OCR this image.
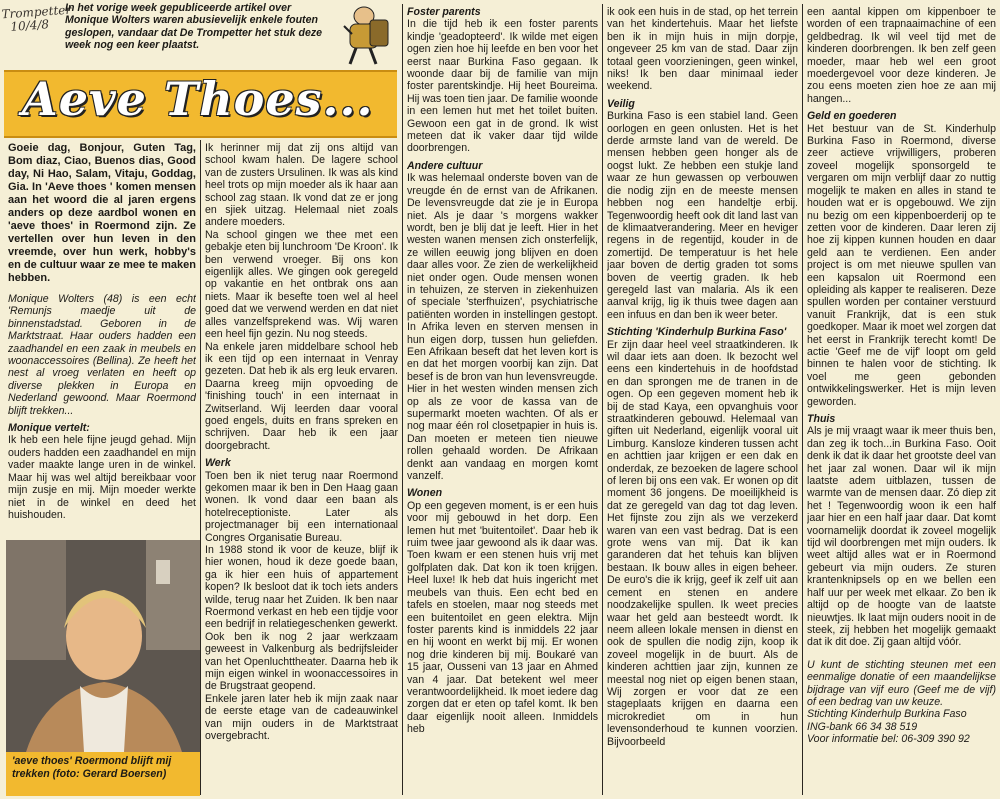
Trompetter
10/4/8
In het vorige week gepubliceerde artikel over Monique Wolters waren abusievelijk enkele fouten geslopen, vandaar dat De Trompetter het stuk deze week nog een keer plaatst.
Aeve Thoes...

Goeie dag, Bonjour, Guten Tag, Bom diaz, Ciao, Buenos dias, Good day, Ni Hao, Salam, Vitaju, Goddag, Gia. In 'Aeve thoes ' komen mensen aan het woord die al jaren ergens anders op deze aardbol wonen en 'aeve thoes' in Roermond zijn. Ze vertellen over hun leven in den vreemde, over hun werk, hobby's en de cultuur waar ze mee te maken hebben.

Monique Wolters (48) is een echt 'Remunjs maedje uit de binnenstadstad. Geboren in de Marktstraat. Haar ouders hadden een zaadhandel en een zaak in meubels en woonaccessoires (Bellina). Ze heeft het nest al vroeg verlaten en heeft op diverse plekken in Europa en Nederland gewoond. Maar Roermond blijft trekken...

Monique vertelt:

Ik heb een hele fijne jeugd gehad. Mijn ouders hadden een zaadhandel en mijn vader maakte lange uren in de winkel. Maar hij was wel altijd bereikbaar voor mijn zusje en mij. Mijn moeder werkte niet in de winkel en deed het huishouden.

'aeve thoes' Roermond blijft mij trekken (foto: Gerard Boersen)

Ik herinner mij dat zij ons altijd van school kwam halen. De lagere school van de zusters Ursulinen. Ik was als kind heel trots op mijn moeder als ik haar aan school zag staan. Ik vond dat ze er jong en sjiek uitzag. Helemaal niet zoals andere moeders.

Na school gingen we thee met een gebakje eten bij lunchroom 'De Kroon'. Ik ben verwend vroeger. Bij ons kon eigenlijk alles. We gingen ook geregeld op vakantie en het ontbrak ons aan niets. Maar ik besefte toen wel al heel goed dat we verwend werden en dat niet alles vanzelfsprekend was. Wij waren een heel fijn gezin. Nu nog steeds.

Na enkele jaren middelbare school heb ik een tijd op een internaat in Venray gezeten. Dat heb ik als erg leuk ervaren. Daarna kreeg mijn opvoeding de 'finishing touch' in een internaat in Zwitserland. Wij leerden daar vooral goed engels, duits en frans spreken en schrijven. Daar heb ik een jaar doorgebracht.

Werk

Toen ben ik niet terug naar Roermond gekomen maar ik ben in Den Haag gaan wonen. Ik vond daar een baan als hotelreceptioniste. Later als projectmanager bij een internationaal Congres Organisatie Bureau.

In 1988 stond ik voor de keuze, blijf ik hier wonen, houd ik deze goede baan, ga ik hier een huis of appartement kopen? Ik besloot dat ik toch iets anders wilde, terug naar het Zuiden. Ik ben naar Roermond verkast en heb een tijdje voor een bedrijf in relatiegeschenken gewerkt. Ook ben ik nog 2 jaar werkzaam geweest in Valkenburg als bedrijfsleider van het Openluchttheater. Daarna heb ik mijn eigen winkel in woonaccessoires in de Brugstraat geopend.

Enkele jaren later heb ik mijn zaak naar de eerste etage van de cadeauwinkel van mijn ouders in de Marktstraat overgebracht.

Foster parents

In die tijd heb ik een foster parents kindje 'geadopteerd'. Ik wilde met eigen ogen zien hoe hij leefde en ben voor het eerst naar Burkina Faso gegaan. Ik woonde daar bij de familie van mijn foster parentskindje. Hij heet Boureima. Hij was toen tien jaar. De familie woonde in een lemen hut met het toilet buiten. Gewoon een gat in de grond. Ik wist meteen dat ik vaker daar tijd wilde doorbrengen.

Andere cultuur

Ik was helemaal onderste boven van de vreugde én de ernst van de Afrikanen. De levensvreugde dat zie je in Europa niet. Als je daar 's morgens wakker wordt, ben je blij dat je leeft. Hier in het westen wanen mensen zich onsterfelijk, ze willen eeuwig jong blijven en doen daar alles voor. Ze zien de werkelijkheid niet onder ogen. Oude mensen wonen in tehuizen, ze sterven in ziekenhuizen of speciale 'sterfhuizen', psychiatrische patiënten worden in instellingen gestopt. In Afrika leven en sterven mensen in hun eigen dorp, tussen hun geliefden. Een Afrikaan beseft dat het leven kort is en dat het morgen voorbij kan zijn. Dat besef is de bron van hun levensvreugde. Hier in het westen winden mensen zich op als ze voor de kassa van de supermarkt moeten wachten. Of als er nog maar één rol closetpapier in huis is. Dan moeten er meteen tien nieuwe rollen gehaald worden. De Afrikaan denkt aan vandaag en morgen komt vanzelf.

Wonen

Op een gegeven moment, is er een huis voor mij gebouwd in het dorp. Een lemen hut met 'buitentoilet'. Daar heb ik ruim twee jaar gewoond als ik daar was. Toen kwam er een stenen huis vrij met golfplaten dak. Dat kon ik toen krijgen. Heel luxe! Ik heb dat huis ingericht met meubels van thuis. Een echt bed en tafels en stoelen, maar nog steeds met een buitentoilet en geen elektra. Mijn foster parents kind is inmiddels 22 jaar en hij woont en werkt bij mij. Er wonen nog drie kinderen bij mij. Boukaré van 15 jaar, Ousseni van 13 jaar en Ahmed van 4 jaar. Dat betekent wel meer verantwoordelijkheid. Ik moet iedere dag zorgen dat er eten op tafel komt. Ik ben daar eigenlijk nooit alleen. Inmiddels heb

ik ook een huis in de stad, op het terrein van het kindertehuis. Maar het liefste ben ik in mijn huis in mijn dorpje, ongeveer 25 km van de stad. Daar zijn totaal geen voorzieningen, geen winkel, niks! Ik ben daar minimaal ieder weekend.

Veilig

Burkina Faso is een stabiel land. Geen oorlogen en geen onlusten. Het is het derde armste land van de wereld. De mensen hebben geen honger als de oogst lukt. Ze hebben een stukje land waar ze hun gewassen op verbouwen die nodig zijn en de meeste mensen hebben nog een handeltje erbij. Tegenwoordig heeft ook dit land last van de klimaatverandering. Meer en heviger regens in de regentijd, kouder in de zomertijd. De temperatuur is het hele jaar boven de dertig graden tot soms boven de veertig graden. Ik heb geregeld last van malaria. Als ik een aanval krijg, lig ik thuis twee dagen aan een infuus en dan ben ik weer beter.

Stichting 'Kinderhulp Burkina Faso'

Er zijn daar heel veel straatkinderen. Ik wil daar iets aan doen. Ik bezocht wel eens een kindertehuis in de hoofdstad en dan sprongen me de tranen in de ogen. Op een gegeven moment heb ik bij de stad Kaya, een opvanghuis voor straatkinderen gebouwd. Helemaal van giften uit Nederland, eigenlijk vooral uit Limburg. Kansloze kinderen tussen acht en achttien jaar krijgen er een dak en onderdak, ze bezoeken de lagere school of leren bij ons een vak. Er wonen op dit moment 36 jongens. De moeilijkheid is dat ze geregeld van dag tot dag leven. Het fijnste zou zijn als we verzekerd waren van een vast bedrag. Dat is een grote wens van mij. Dat ik kan garanderen dat het tehuis kan blijven bestaan. Ik bouw alles in eigen beheer. De euro's die ik krijg, geef ik zelf uit aan cement en stenen en andere noodzakelijke spullen. Ik weet precies waar het geld aan besteedt wordt. Ik neem alleen lokale mensen in dienst en ook de spullen die nodig zijn, koop ik zoveel mogelijk in de buurt. Als de kinderen achttien jaar zijn, kunnen ze meestal nog niet op eigen benen staan, Wij zorgen er voor dat ze een stageplaats krijgen en daarna een microkrediet om in hun levensonderhoud te kunnen voorzien. Bijvoorbeeld

een aantal kippen om kippenboer te worden of een trapnaaimachine of een geldbedrag. Ik wil veel tijd met de kinderen doorbrengen. Ik ben zelf geen moeder, maar heb wel een groot moedergevoel voor deze kinderen. Je zou eens moeten zien hoe ze aan mij hangen...

Geld en goederen

Het bestuur van de St. Kinderhulp Burkina Faso in Roermond, diverse zeer actieve vrijwilligers, proberen zoveel mogelijk sponsorgeld te vergaren om mijn verblijf daar zo nuttig mogelijk te maken en alles in stand te houden wat er is opgebouwd. We zijn nu bezig om een kippenboerderij op te zetten voor de kinderen. Daar leren zij hoe zij kippen kunnen houden en daar geld aan te verdienen. Een ander project is om met nieuwe spullen van een kapsalon uit Roermond een opleiding als kapper te realiseren. Deze spullen worden per container verstuurd vanuit Frankrijk, dat is een stuk goedkoper. Maar ik moet wel zorgen dat het eerst in Frankrijk terecht komt! De actie 'Geef me de vijf' loopt om geld binnen te halen voor de stichting. Ik voel me geen gebonden ontwikkelingswerker. Het is mijn leven geworden.

Thuis

Als je mij vraagt waar ik meer thuis ben, dan zeg ik toch...in Burkina Faso. Ooit denk ik dat ik daar het grootste deel van het jaar zal wonen. Daar wil ik mijn laatste adem uitblazen, tussen de warmte van de mensen daar. Zó diep zit het ! Tegenwoordig woon ik een half jaar hier en een half jaar daar. Dat komt voornamelijk doordat ik zoveel mogelijk tijd wil doorbrengen met mijn ouders. Ik weet altijd alles wat er in Roermond gebeurt via mijn ouders. Ze sturen krantenknipsels op en we bellen een half uur per week met elkaar. Zo ben ik altijd op de hoogte van de laatste nieuwtjes. Ik laat mijn ouders nooit in de steek, zij hebben het mogelijk gemaakt dat ik dit doe. Zij gaan altijd vóór.

U kunt de stichting steunen met een eenmalige donatie of een maandelijkse bijdrage van vijf euro (Geef me de vijf) of een bedrag van uw keuze.

Stichting Kinderhulp Burkina Faso

ING-bank 66 34 38 519

Voor informatie bel: 06-309 390 92
